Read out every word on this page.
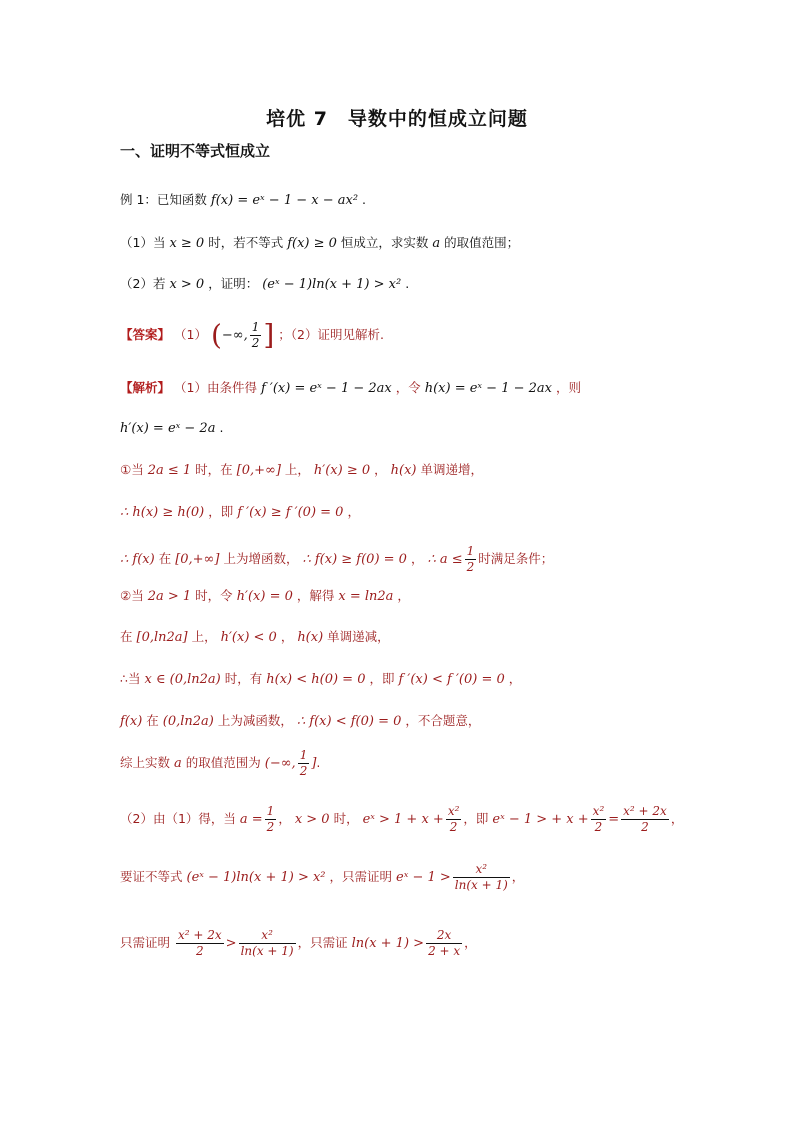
培优 7　导数中的恒成立问题
一、证明不等式恒成立
例 1：已知函数 f(x) = eˣ − 1 − x − ax² .
（1）当 x ≥ 0 时，若不等式 f(x) ≥ 0 恒成立，求实数 a 的取值范围；
（2）若 x > 0 ，证明： (eˣ − 1)ln(x + 1) > x² .
【答案】 （1） (−∞, $\frac{1}{2}$ ] ；（2）证明见解析.
【解析】 （1）由条件得 f ′(x) = eˣ − 1 − 2ax ，令 h(x) = eˣ − 1 − 2ax ，则
h′(x) = eˣ − 2a .
①当 2a ≤ 1 时，在 [0,+∞] 上， h′(x) ≥ 0 ， h(x) 单调递增，
∴ h(x) ≥ h(0) ，即 f ′(x) ≥ f ′(0) = 0 ，
∴ f(x) 在 [0,+∞] 上为增函数， ∴ f(x) ≥ f(0) = 0 ， ∴ $a \le \frac{1}{2}$ 时满足条件；
②当 2a > 1 时，令 h′(x) = 0 ，解得 x = ln2a ，
在 [0,ln2a] 上， h′(x) < 0 ， h(x) 单调递减，
∴当 x ∈ (0,ln2a) 时，有 h(x) < h(0) = 0 ，即 f ′(x) < f ′(0) = 0 ，
f(x) 在 (0,ln2a) 上为减函数， ∴ f(x) < f(0) = 0 ，不合题意，
综上实数 a 的取值范围为 (−∞, $\frac{1}{2}$ ].
（2）由（1）得，当 $a = \frac{1}{2}$ ， x > 0 时， eˣ > $1 + x + \frac{\text{x²}}{2}$ ，即 eˣ − 1 > + $x + \frac{\text{x²}}{2} = \frac{\text{x² + 2x}}{2}$ ，
要证不等式 (eˣ − 1)ln(x + 1) > x² ，只需证明 eˣ − $1 > \frac{\text{x²}}{\ln(x + 1)}$ ，
只需证明 $\frac{\text{x² + 2x}}{2} > \frac{\text{x²}}{\ln(x + 1)}$ ，只需证 $\ln(x + 1) > \frac{2x}{2 + x}$ ，
